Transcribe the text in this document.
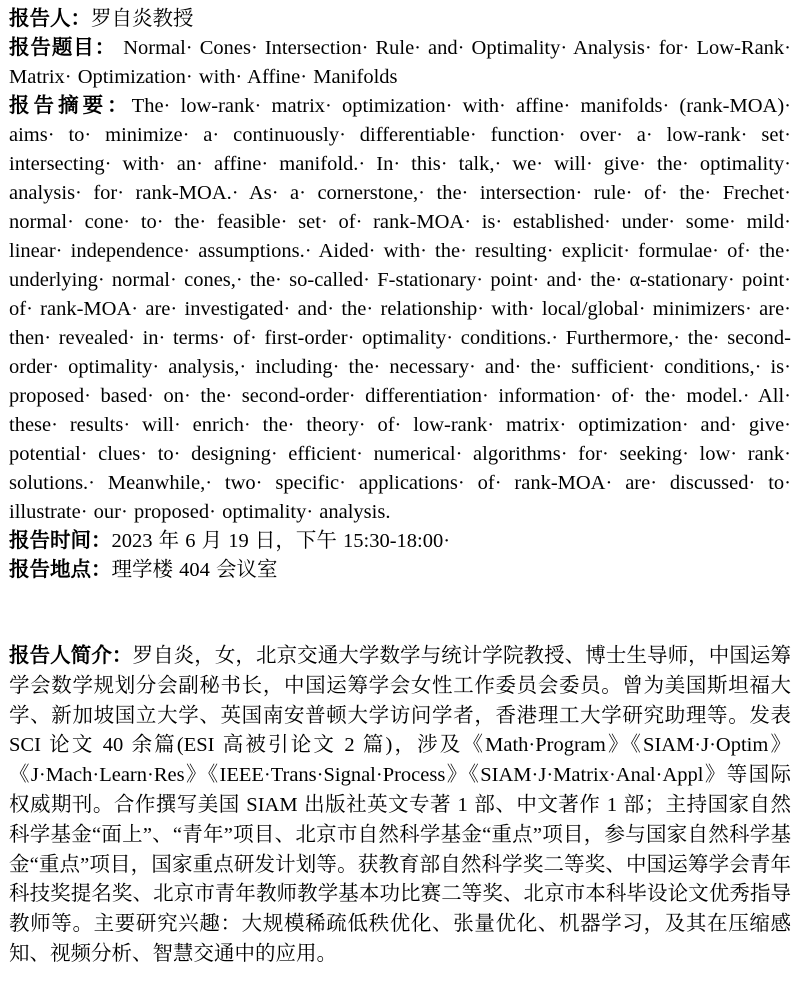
报告人：罗自炎教授

报告题目： Normal· Cones· Intersection· Rule· and· Optimality· Analysis· for· Low-Rank· Matrix· Optimization· with· Affine· Manifolds

报告摘要：The· low-rank· matrix· optimization· with· affine· manifolds· (rank-MOA)· aims· to· minimize· a· continuously· differentiable· function· over· a· low-rank· set· intersecting· with· an· affine· manifold.· In· this· talk,· we· will· give· the· optimality· analysis· for· rank-MOA.· As· a· cornerstone,· the· intersection· rule· of· the· Frechet· normal· cone· to· the· feasible· set· of· rank-MOA· is· established· under· some· mild· linear· independence· assumptions.· Aided· with· the· resulting· explicit· formulae· of· the· underlying· normal· cones,· the· so-called· F-stationary· point· and· the· α-stationary· point· of· rank-MOA· are· investigated· and· the· relationship· with· local/global· minimizers· are· then· revealed· in· terms· of· first-order· optimality· conditions.· Furthermore,· the· second-order· optimality· analysis,· including· the· necessary· and· the· sufficient· conditions,· is· proposed· based· on· the· second-order· differentiation· information· of· the· model.· All· these· results· will· enrich· the· theory· of· low-rank· matrix· optimization· and· give· potential· clues· to· designing· efficient· numerical· algorithms· for· seeking· low· rank· solutions.· Meanwhile,· two· specific· applications· of· rank-MOA· are· discussed· to· illustrate· our· proposed· optimality· analysis.

报告时间：2023 年 6 月 19 日，下午 15:30-18:00·

报告地点：理学楼 404 会议室

报告人简介：罗自炎，女，北京交通大学数学与统计学院教授、博士生导师，中国运筹学会数学规划分会副秘书长，中国运筹学会女性工作委员会委员。曾为美国斯坦福大学、新加坡国立大学、英国南安普顿大学访问学者，香港理工大学研究助理等。发表 SCI 论文 40 余篇(ESI 高被引论文 2 篇)，涉及《Math·Program》《SIAM·J·Optim》《J·Mach·Learn·Res》《IEEE·Trans·Signal·Process》《SIAM·J·Matrix·Anal·Appl》等国际权威期刊。合作撰写美国 SIAM 出版社英文专著 1 部、中文著作 1 部；主持国家自然科学基金“面上”、“青年”项目、北京市自然科学基金“重点”项目，参与国家自然科学基金“重点”项目，国家重点研发计划等。获教育部自然科学奖二等奖、中国运筹学会青年科技奖提名奖、北京市青年教师教学基本功比赛二等奖、北京市本科毕设论文优秀指导教师等。主要研究兴趣：大规模稀疏低秩优化、张量优化、机器学习，及其在压缩感知、视频分析、智慧交通中的应用。
